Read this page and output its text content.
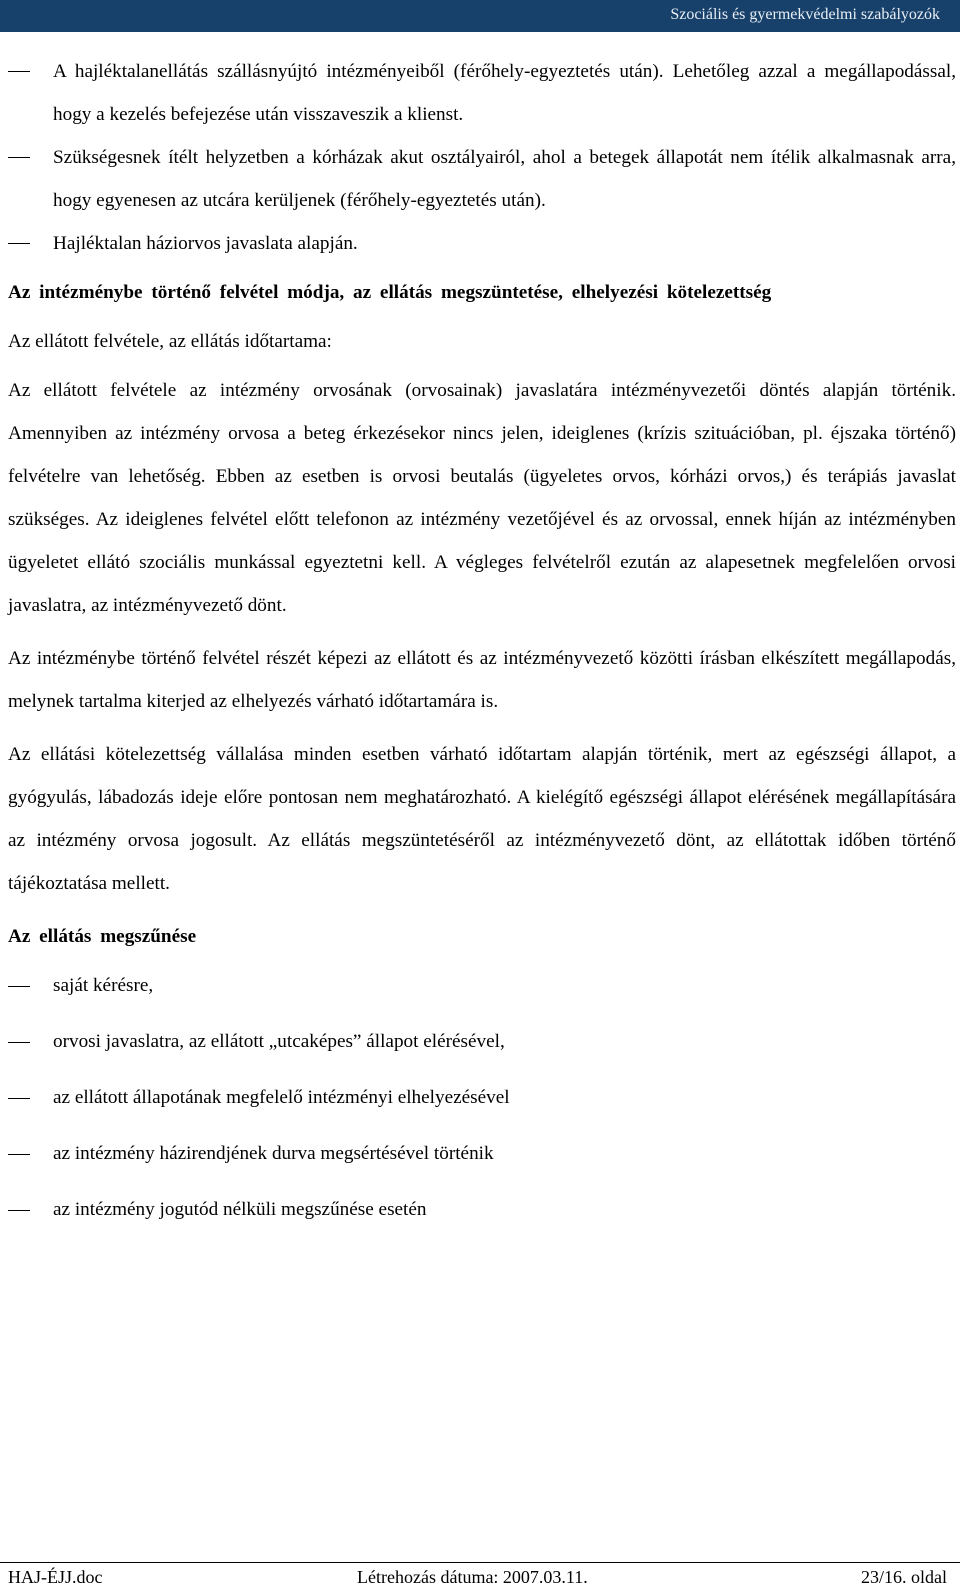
Szociális és gyermekvédelmi szabályozók
A hajléktalanellátás szállásnyújtó intézményeiből (férőhely-egyeztetés után). Lehetőleg azzal a megállapodással, hogy a kezelés befejezése után visszaveszik a klienst.
Szükségesnek ítélt helyzetben a kórházak akut osztályairól, ahol a betegek állapotát nem ítélik alkalmasnak arra, hogy egyenesen az utcára kerüljenek (férőhely-egyeztetés után).
Hajléktalan háziorvos javaslata alapján.
Az intézménybe történő felvétel módja, az ellátás megszüntetése, elhelyezési kötelezettség

Az ellátott felvétele, az ellátás időtartama:

Az ellátott felvétele az intézmény orvosának (orvosainak) javaslatára intézményvezetői döntés alapján történik. Amennyiben az intézmény orvosa a beteg érkezésekor nincs jelen, ideiglenes (krízis szituációban, pl. éjszaka történő) felvételre van lehetőség. Ebben az esetben is orvosi beutalás (ügyeletes orvos, kórházi orvos,) és terápiás javaslat szükséges. Az ideiglenes felvétel előtt telefonon az intézmény vezetőjével és az orvossal, ennek híján az intézményben ügyeletet ellátó szociális munkással egyeztetni kell. A végleges felvételről ezután az alapesetnek megfelelően orvosi javaslatra, az intézményvezető dönt.

Az intézménybe történő felvétel részét képezi az ellátott és az intézményvezető közötti írásban elkészített megállapodás, melynek tartalma kiterjed az elhelyezés várható időtartamára is.

Az ellátási kötelezettség vállalása minden esetben várható időtartam alapján történik, mert az egészségi állapot, a gyógyulás, lábadozás ideje előre pontosan nem meghatározható. A kielégítő egészségi állapot elérésének megállapítására az intézmény orvosa jogosult. Az ellátás megszüntetéséről az intézményvezető dönt, az ellátottak időben történő tájékoztatása mellett.

Az ellátás megszűnése
saját kérésre,
orvosi javaslatra, az ellátott „utcaképes” állapot elérésével,
az ellátott állapotának megfelelő intézményi elhelyezésével
az intézmény házirendjének durva megsértésével történik
az intézmény jogutód nélküli megszűnése esetén
HAJ-ÉJJ.doc	Létrehozás dátuma: 2007.03.11.	23/16. oldal
